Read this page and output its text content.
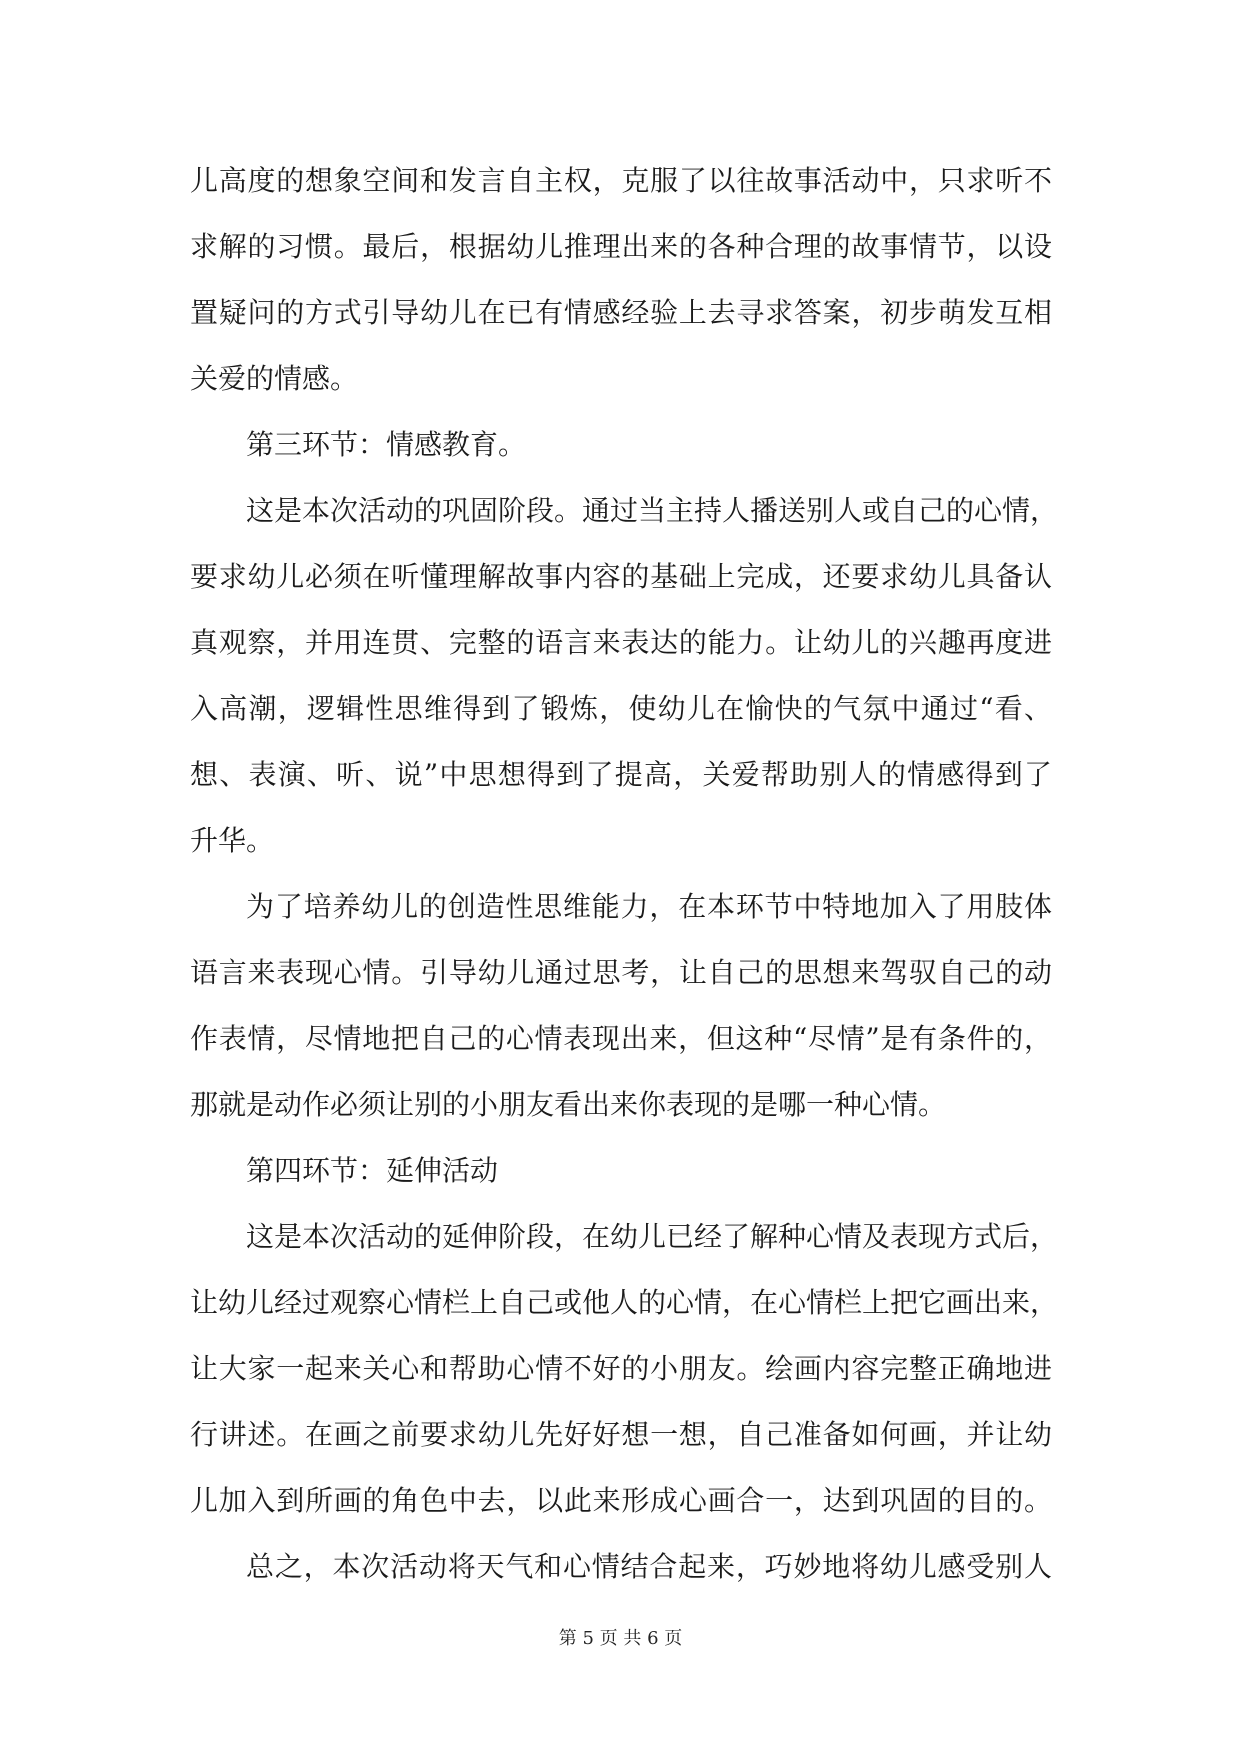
儿高度的想象空间和发言自主权，克服了以往故事活动中，只求听不
求解的习惯。最后，根据幼儿推理出来的各种合理的故事情节，以设
置疑问的方式引导幼儿在已有情感经验上去寻求答案，初步萌发互相
关爱的情感。
第三环节：情感教育。
这是本次活动的巩固阶段。通过当主持人播送别人或自己的心情，
要求幼儿必须在听懂理解故事内容的基础上完成，还要求幼儿具备认
真观察，并用连贯、完整的语言来表达的能力。让幼儿的兴趣再度进
入高潮，逻辑性思维得到了锻炼，使幼儿在愉快的气氛中通过“看、
想、表演、听、说”中思想得到了提高，关爱帮助别人的情感得到了
升华。
为了培养幼儿的创造性思维能力，在本环节中特地加入了用肢体
语言来表现心情。引导幼儿通过思考，让自己的思想来驾驭自己的动
作表情，尽情地把自己的心情表现出来，但这种“尽情”是有条件的，
那就是动作必须让别的小朋友看出来你表现的是哪一种心情。
第四环节：延伸活动
这是本次活动的延伸阶段，在幼儿已经了解种心情及表现方式后，
让幼儿经过观察心情栏上自己或他人的心情，在心情栏上把它画出来，
让大家一起来关心和帮助心情不好的小朋友。绘画内容完整正确地进
行讲述。在画之前要求幼儿先好好想一想，自己准备如何画，并让幼
儿加入到所画的角色中去，以此来形成心画合一，达到巩固的目的。
总之，本次活动将天气和心情结合起来，巧妙地将幼儿感受别人
第 5 页 共 6 页
